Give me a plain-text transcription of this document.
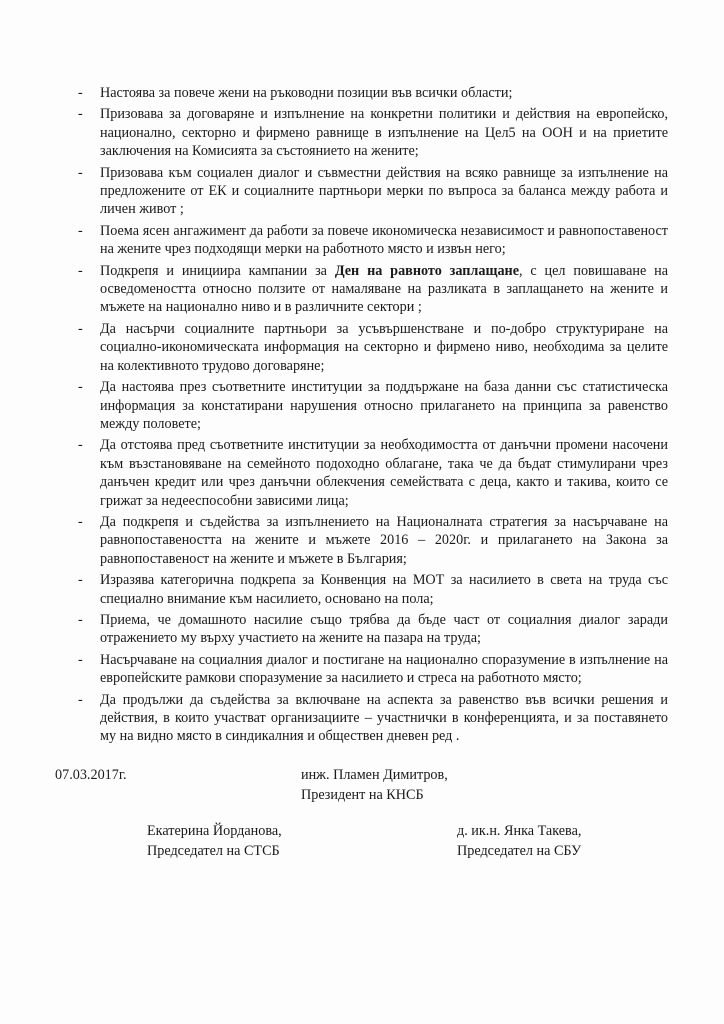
- Настоява за повече жени на ръководни позиции във всички области;
- Призовава за договаряне и изпълнение на конкретни политики и действия на европейско, национално, секторно и фирмено равнище в изпълнение на Цел5 на ООН и на приетите заключения на Комисията за състоянието на жените;
- Призовава към социален диалог и съвместни действия на всяко равнище за изпълнение на предложените от ЕК и социалните партньори мерки по въпроса за баланса между работа и личен живот ;
- Поема ясен ангажимент да работи за повече икономическа независимост и равнопоставеност на жените чрез подходящи мерки на работното място и извън него;
- Подкрепя и инициира кампании за Ден на равното заплащане, с цел повишаване на осведомеността относно ползите от намаляване на разликата в заплащането на жените и мъжете на национално ниво и в различните сектори ;
- Да насърчи социалните партньори за усъвършенстване и по-добро структуриране на социално-икономическата информация на секторно и фирмено ниво, необходима за целите на колективното трудово договаряне;
- Да настоява през съответните институции за поддържане на база данни със статистическа информация за констатирани нарушения относно прилагането на принципа за равенство между половете;
- Да отстоява пред съответните институции за необходимостта от данъчни промени насочени към възстановяване на семейното подоходно облагане, така че да бъдат стимулирани чрез данъчен кредит или чрез данъчни облекчения семействата с деца, както и такива, които се грижат за недееспособни зависими лица;
- Да подкрепя и съдейства за изпълнението на Националната стратегия за насърчаване на равнопоставеността на жените и мъжете 2016 – 2020г. и прилагането на Закона за равнопоставеност на жените и мъжете в България;
- Изразява категорична подкрепа за Конвенция на МОТ за насилието в света на труда със специално внимание към насилието, основано на пола;
- Приема, че домашното насилие също трябва да бъде част от социалния диалог заради отражението му върху участието на жените на пазара на труда;
- Насърчаване на социалния диалог и постигане на национално споразумение в изпълнение на европейските рамкови споразумение за насилието и стреса на работното място;
- Да продължи да съдейства за включване на аспекта за равенство във всички решения и действия, в които участват организациите – участнички в конференцията, и за поставянето му на видно място в синдикалния и обществен дневен ред .
07.03.2017г.	инж. Пламен Димитров,
Президент на КНСБ
Екатерина Йорданова,
Председател на СТСБ
д. ик.н. Янка Такева,
Председател на СБУ
